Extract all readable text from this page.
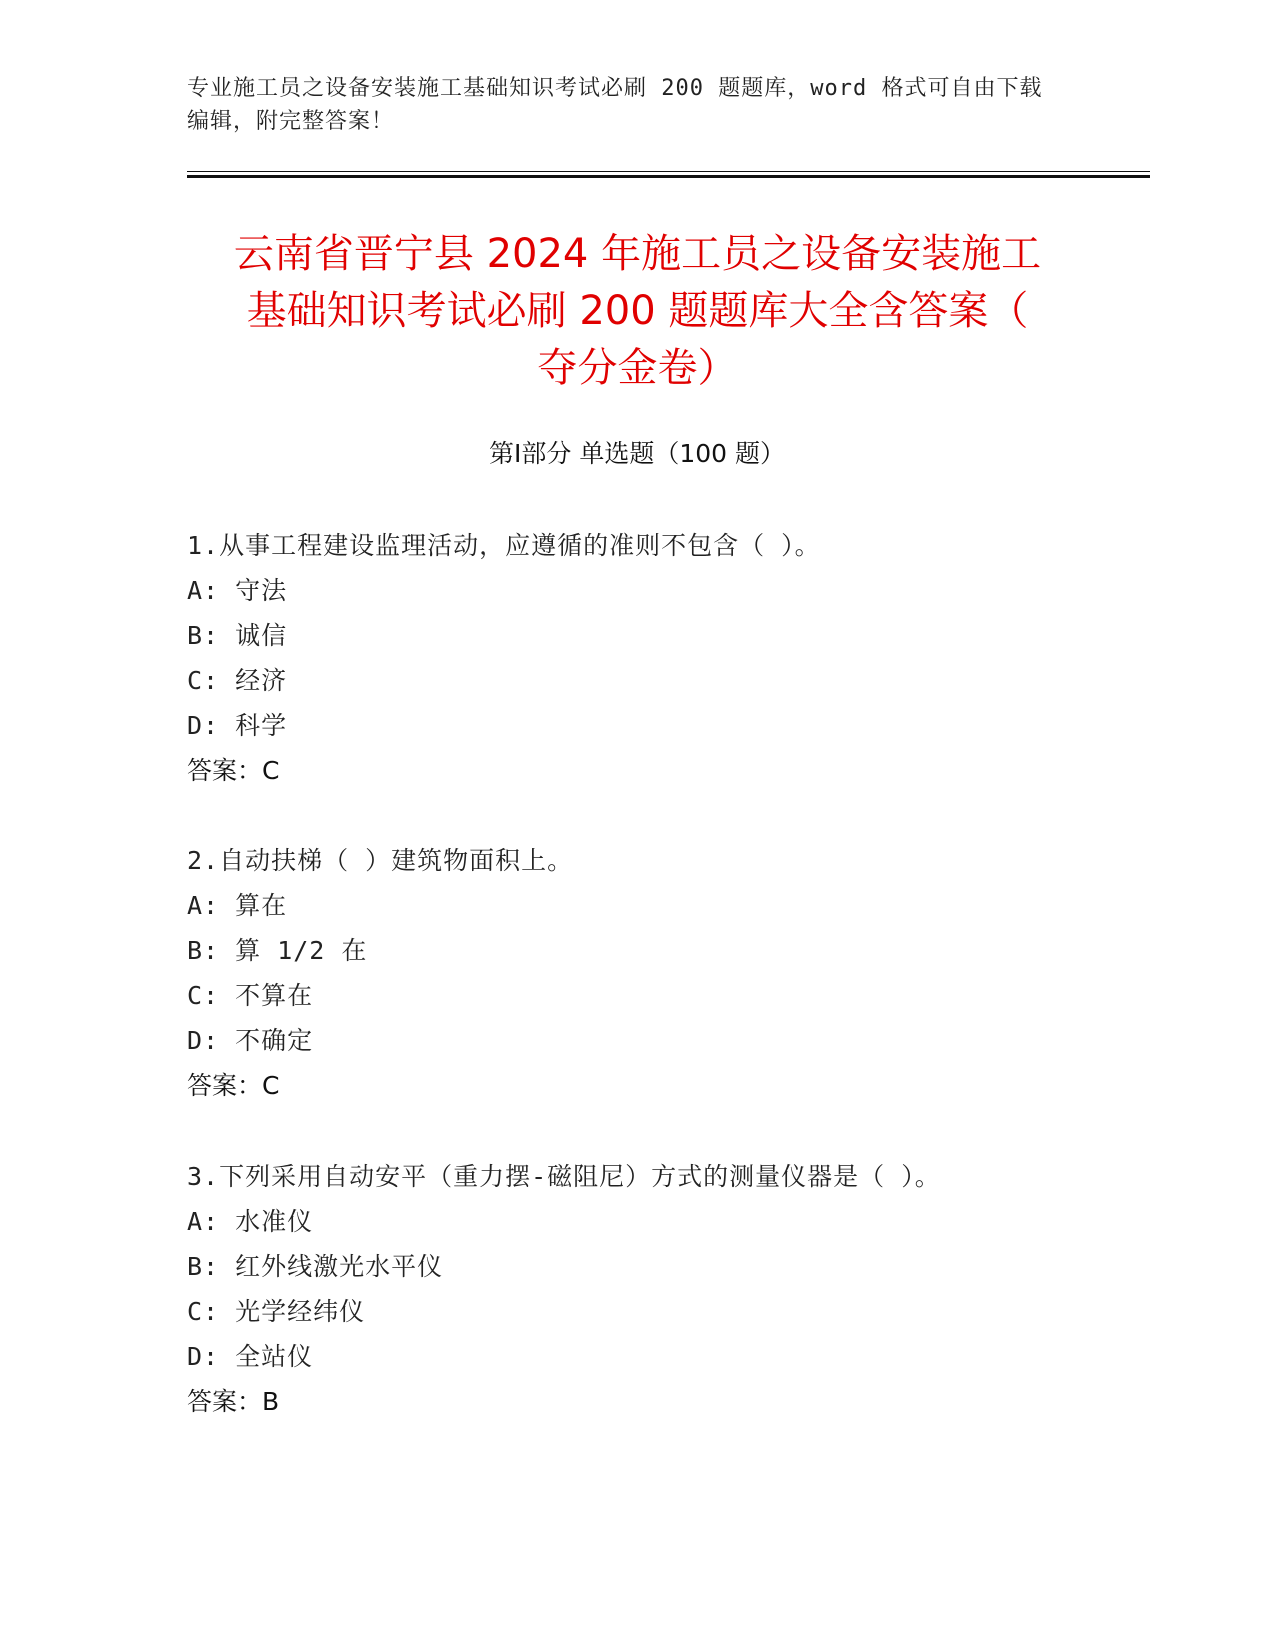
专业施工员之设备安装施工基础知识考试必刷 200 题题库，word 格式可自由下载
编辑，附完整答案！
云南省晋宁县 2024 年施工员之设备安装施工
基础知识考试必刷 200 题题库大全含答案（
夺分金卷）
第Ⅰ部分 单选题（100 题）
1.从事工程建设监理活动，应遵循的准则不包含（ ）。
A: 守法
B: 诚信
C: 经济
D: 科学
答案：C
2.自动扶梯（ ）建筑物面积上。
A: 算在
B: 算 1/2 在
C: 不算在
D: 不确定
答案：C
3.下列采用自动安平（重力摆-磁阻尼）方式的测量仪器是（ ）。
A: 水准仪
B: 红外线激光水平仪
C: 光学经纬仪
D: 全站仪
答案：B
